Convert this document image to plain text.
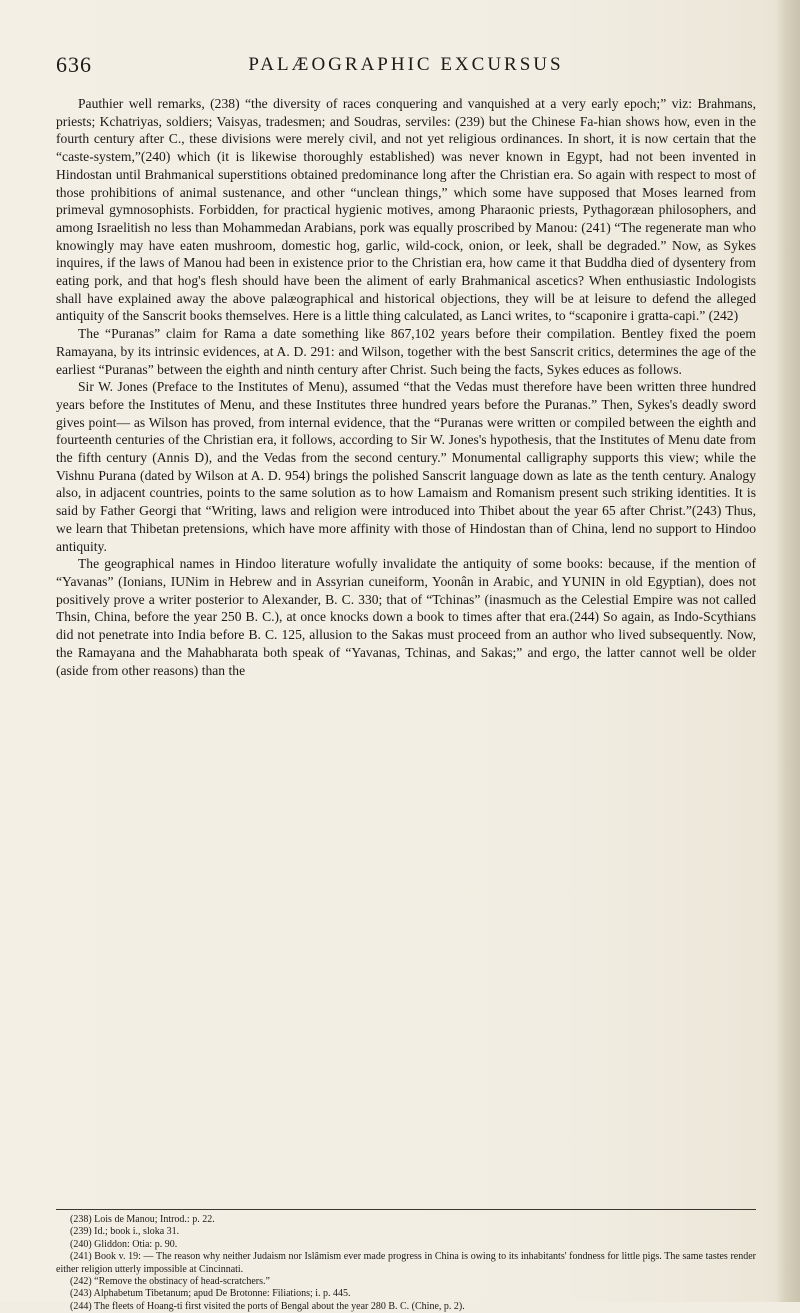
636	PALÆOGRAPHIC EXCURSUS

Pauthier well remarks, (238) “the diversity of races conquering and vanquished at a very early epoch;” viz: Brahmans, priests; Kchatriyas, soldiers; Vaisyas, tradesmen; and Soudras, serviles: (239) but the Chinese Fa-hian shows how, even in the fourth century after C., these divisions were merely civil, and not yet religious ordinances. In short, it is now certain that the “caste-system,”(240) which (it is likewise thoroughly established) was never known in Egypt, had not been invented in Hindostan until Brahmanical superstitions obtained predominance long after the Christian era. So again with respect to most of those prohibitions of animal sustenance, and other “unclean things,” which some have supposed that Moses learned from primeval gymnosophists. Forbidden, for practical hygienic motives, among Pharaonic priests, Pythagoræan philosophers, and among Israelitish no less than Mohammedan Arabians, pork was equally proscribed by Manou: (241) “The regenerate man who knowingly may have eaten mushroom, domestic hog, garlic, wild-cock, onion, or leek, shall be degraded.” Now, as Sykes inquires, if the laws of Manou had been in existence prior to the Christian era, how came it that Buddha died of dysentery from eating pork, and that hog's flesh should have been the aliment of early Brahmanical ascetics? When enthusiastic Indologists shall have explained away the above palæographical and historical objections, they will be at leisure to defend the alleged antiquity of the Sanscrit books themselves. Here is a little thing calculated, as Lanci writes, to “scaponire i gratta-capi.” (242)

The “Puranas” claim for Rama a date something like 867,102 years before their compilation. Bentley fixed the poem Ramayana, by its intrinsic evidences, at A. D. 291: and Wilson, together with the best Sanscrit critics, determines the age of the earliest “Puranas” between the eighth and ninth century after Christ. Such being the facts, Sykes educes as follows.

Sir W. Jones (Preface to the Institutes of Menu), assumed “that the Vedas must therefore have been written three hundred years before the Institutes of Menu, and these Institutes three hundred years before the Puranas.” Then, Sykes's deadly sword gives point— as Wilson has proved, from internal evidence, that the “Puranas were written or compiled between the eighth and fourteenth centuries of the Christian era, it follows, according to Sir W. Jones's hypothesis, that the Institutes of Menu date from the fifth century (Annis D), and the Vedas from the second century.” Monumental calligraphy supports this view; while the Vishnu Purana (dated by Wilson at A. D. 954) brings the polished Sanscrit language down as late as the tenth century. Analogy also, in adjacent countries, points to the same solution as to how Lamaism and Romanism present such striking identities. It is said by Father Georgi that “Writing, laws and religion were introduced into Thibet about the year 65 after Christ.”(243) Thus, we learn that Thibetan pretensions, which have more affinity with those of Hindostan than of China, lend no support to Hindoo antiquity.

The geographical names in Hindoo literature wofully invalidate the antiquity of some books: because, if the mention of “Yavanas” (Ionians, IUNim in Hebrew and in Assyrian cuneiform, Yoonân in Arabic, and YUNIN in old Egyptian), does not positively prove a writer posterior to Alexander, B. C. 330; that of “Tchinas” (inasmuch as the Celestial Empire was not called Thsin, China, before the year 250 B. C.), at once knocks down a book to times after that era.(244) So again, as Indo-Scythians did not penetrate into India before B. C. 125, allusion to the Sakas must proceed from an author who lived subsequently. Now, the Ramayana and the Mahabharata both speak of “Yavanas, Tchinas, and Sakas;” and ergo, the latter cannot well be older (aside from other reasons) than the

(238) Lois de Manou; Introd.: p. 22.

(239) Id.; book i., sloka 31.

(240) Gliddon: Otia: p. 90.

(241) Book v. 19: — The reason why neither Judaism nor Islâmism ever made progress in China is owing to its inhabitants' fondness for little pigs. The same tastes render either religion utterly impossible at Cincinnati.

(242) “Remove the obstinacy of head-scratchers.”

(243) Alphabetum Tibetanum; apud De Brotonne: Filiations; i. p. 445.

(244) The fleets of Hoang-ti first visited the ports of Bengal about the year 280 B. C. (Chine, p. 2).
